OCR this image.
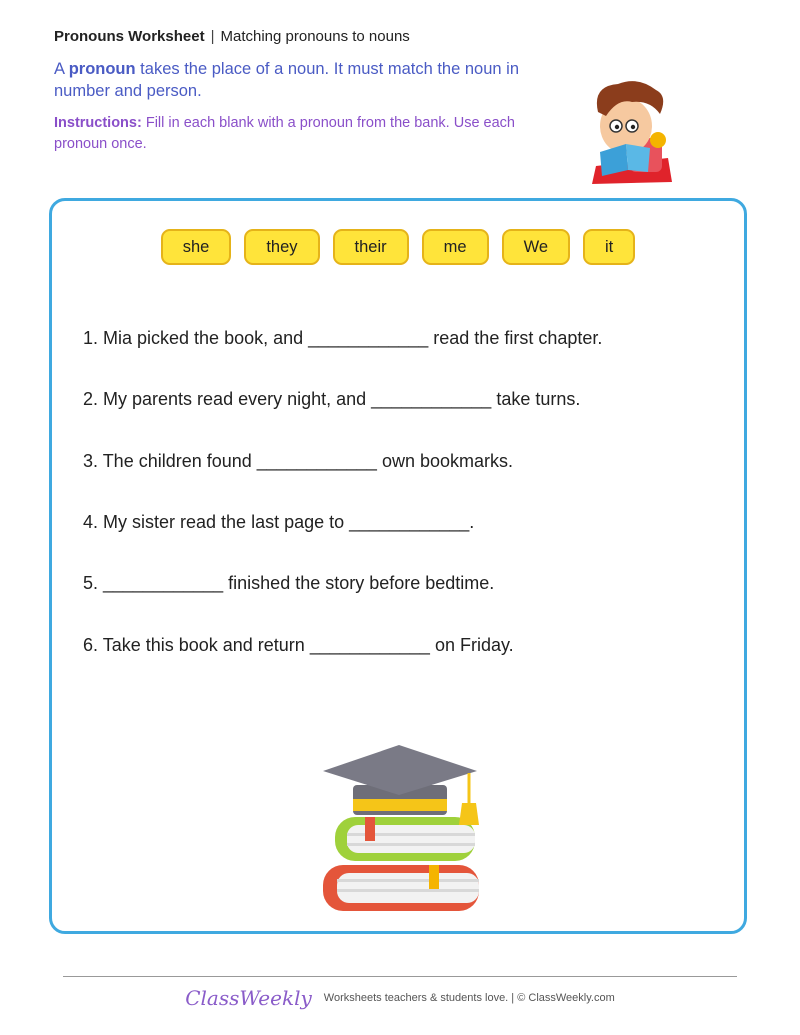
Pronouns Worksheet | Matching pronouns to nouns
A pronoun takes the place of a noun. It must match the noun in number and person.
Instructions: Fill in each blank with a pronoun from the bank. Use each pronoun once.
she	they	their	me	We	it
1. Mia picked the book, and ____________ read the first chapter.
2. My parents read every night, and ____________ take turns.
3. The children found ____________ own bookmarks.
4. My sister read the last page to ____________.
5. ____________ finished the story before bedtime.
6. Take this book and return ____________ on Friday.
ClassWeekly Worksheets teachers & students love. | © ClassWeekly.com
